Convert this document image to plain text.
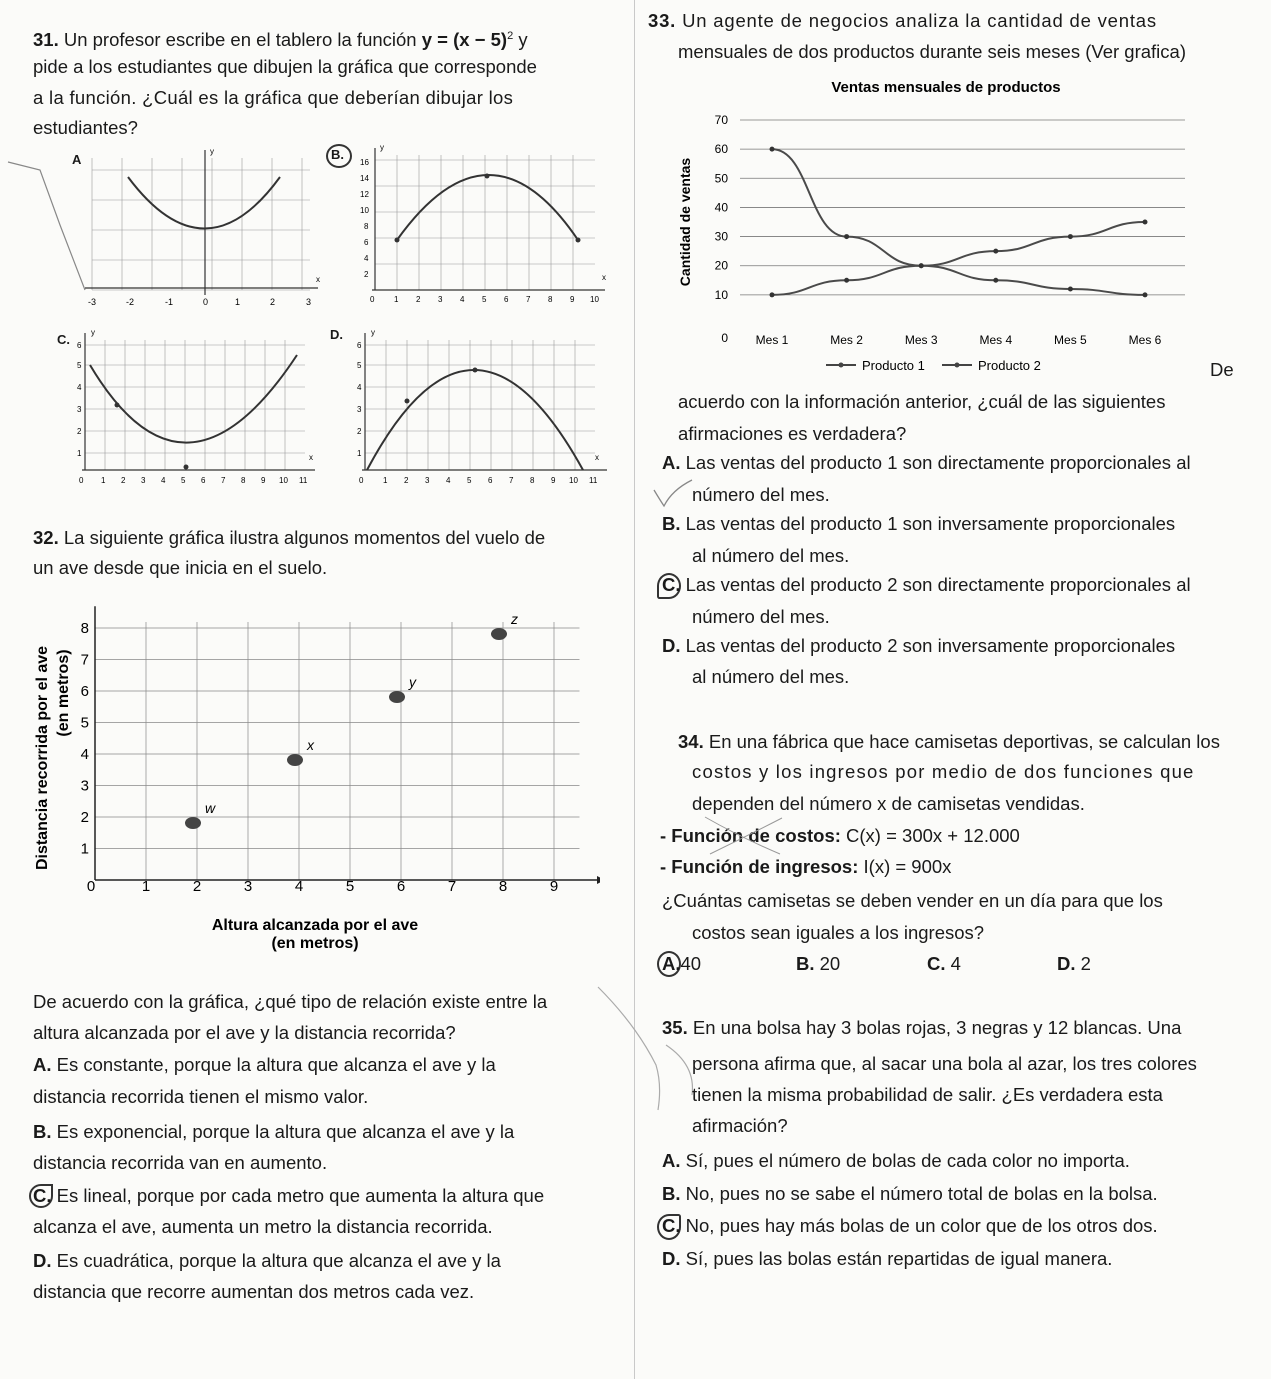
31. Un profesor escribe en el tablero la función $y = (x - 5)^2$ y
pide a los estudiantes que dibujen la gráfica que corresponde
a la función. ¿Cuál es la gráfica que deberían dibujar los
estudiantes?
A	B.
C.	D.
-3	-2	-1	0	1	2	3
y
x
0 1 2 3 4 5 6 7 8 9 10
2
4
6
8
10
12
14
16
y
x
0 1 2 3 4 5 6 7 8 9 10 11
1
2
3
4
5
6
y
x
0 1 2 3 4 5 6 7 8 9 10 11
1
2
3
4
5
6
y
x
32. La siguiente gráfica ilustra algunos momentos del vuelo de
un ave desde que inicia en el suelo.
0	1	2	3	4	5	6	7	8	9
1
2
3
4
5
6
7
8
w
x
y
z
Altura alcanzada por el ave
(en metros)
Distancia recorrida por el ave (en metros)
De acuerdo con la gráfica, ¿qué tipo de relación existe entre la
altura alcanzada por el ave y la distancia recorrida?
A. Es constante, porque la altura que alcanza el ave y la
distancia recorrida tienen el mismo valor.
B. Es exponencial, porque la altura que alcanza el ave y la
distancia recorrida van en aumento.
C. Es lineal, porque por cada metro que aumenta la altura que
alcanza el ave, aumenta un metro la distancia recorrida.
D. Es cuadrática, porque la altura que alcanza el ave y la
distancia que recorre aumentan dos metros cada vez.
33. Un agente de negocios analiza la cantidad de ventas
mensuales de dos productos durante seis meses (Ver grafica)
Ventas mensuales de productos
Cantidad de ventas
0
10
20
30
40
50
60
70
Mes 1	Mes 2	Mes 3	Mes 4	Mes 5	Mes 6
Producto 1	Producto 2	De
acuerdo con la información anterior, ¿cuál de las siguientes
afirmaciones es verdadera?
A. Las ventas del producto 1 son directamente proporcionales al
número del mes.
B. Las ventas del producto 1 son inversamente proporcionales
al número del mes.
C. Las ventas del producto 2 son directamente proporcionales al
número del mes.
D. Las ventas del producto 2 son inversamente proporcionales
al número del mes.
34. En una fábrica que hace camisetas deportivas, se calculan los
costos y los ingresos por medio de dos funciones que
dependen del número x de camisetas vendidas.
- Función de costos: C(x) = 300x + 12.000
- Función de ingresos: I(x) = 900x
¿Cuántas camisetas se deben vender en un día para que los
costos sean iguales a los ingresos?
A.40	B. 20	C. 4	D. 2
35. En una bolsa hay 3 bolas rojas, 3 negras y 12 blancas. Una
persona afirma que, al sacar una bola al azar, los tres colores
tienen la misma probabilidad de salir. ¿Es verdadera esta
afirmación?
A. Sí, pues el número de bolas de cada color no importa.
B. No, pues no se sabe el número total de bolas en la bolsa.
C. No, pues hay más bolas de un color que de los otros dos.
D. Sí, pues las bolas están repartidas de igual manera.
